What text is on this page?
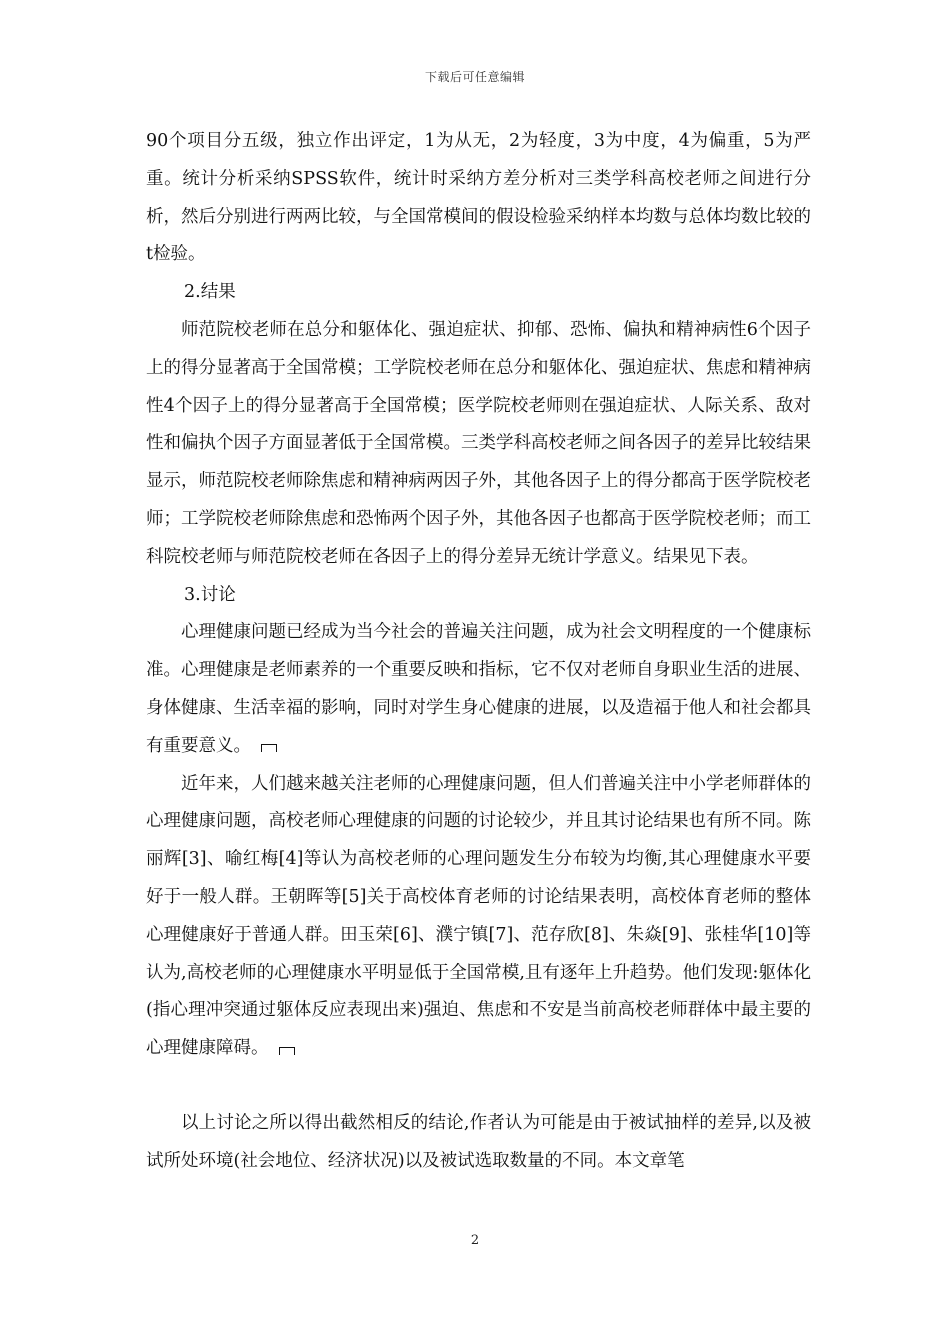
下载后可任意编辑

90个项目分五级，独立作出评定，1为从无，2为轻度，3为中度，4为偏重，5为严重。统计分析采纳SPSS软件，统计时采纳方差分析对三类学科高校老师之间进行分析，然后分别进行两两比较，与全国常模间的假设检验采纳样本均数与总体均数比较的t检验。

2.结果

师范院校老师在总分和躯体化、强迫症状、抑郁、恐怖、偏执和精神病性6个因子上的得分显著高于全国常模；工学院校老师在总分和躯体化、强迫症状、焦虑和精神病性4个因子上的得分显著高于全国常模；医学院校老师则在强迫症状、人际关系、敌对性和偏执个因子方面显著低于全国常模。三类学科高校老师之间各因子的差异比较结果显示，师范院校老师除焦虑和精神病两因子外，其他各因子上的得分都高于医学院校老师；工学院校老师除焦虑和恐怖两个因子外，其他各因子也都高于医学院校老师；而工科院校老师与师范院校老师在各因子上的得分差异无统计学意义。结果见下表。

3.讨论

心理健康问题已经成为当今社会的普遍关注问题，成为社会文明程度的一个健康标准。心理健康是老师素养的一个重要反映和指标，它不仅对老师自身职业生活的进展、身体健康、生活幸福的影响，同时对学生身心健康的进展，以及造福于他人和社会都具有重要意义。

近年来，人们越来越关注老师的心理健康问题，但人们普遍关注中小学老师群体的心理健康问题，高校老师心理健康的问题的讨论较少，并且其讨论结果也有所不同。陈丽辉[3]、喻红梅[4]等认为高校老师的心理问题发生分布较为均衡,其心理健康水平要好于一般人群。王朝晖等[5]关于高校体育老师的讨论结果表明，高校体育老师的整体心理健康好于普通人群。田玉荣[6]、濮宁镇[7]、范存欣[8]、朱焱[9]、张桂华[10]等认为,高校老师的心理健康水平明显低于全国常模,且有逐年上升趋势。他们发现:躯体化(指心理冲突通过躯体反应表现出来)强迫、焦虑和不安是当前高校老师群体中最主要的心理健康障碍。

以上讨论之所以得出截然相反的结论,作者认为可能是由于被试抽样的差异,以及被试所处环境(社会地位、经济状况)以及被试选取数量的不同。本文章笔

2
